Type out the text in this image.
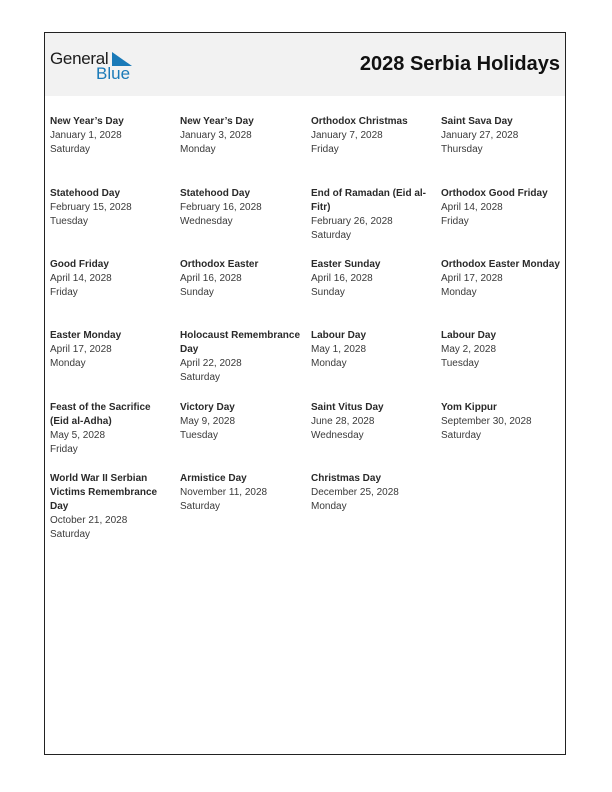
General
Blue	2028 Serbia Holidays
New Year’s Day
January 1, 2028
Saturday
New Year’s Day
January 3, 2028
Monday
Orthodox Christmas
January 7, 2028
Friday
Saint Sava Day
January 27, 2028
Thursday
Statehood Day
February 15, 2028
Tuesday
Statehood Day
February 16, 2028
Wednesday
End of Ramadan (Eid al-Fitr)
February 26, 2028
Saturday
Orthodox Good Friday
April 14, 2028
Friday
Good Friday
April 14, 2028
Friday
Orthodox Easter
April 16, 2028
Sunday
Easter Sunday
April 16, 2028
Sunday
Orthodox Easter Monday
April 17, 2028
Monday
Easter Monday
April 17, 2028
Monday
Holocaust Remembrance Day
April 22, 2028
Saturday
Labour Day
May 1, 2028
Monday
Labour Day
May 2, 2028
Tuesday
Feast of the Sacrifice (Eid al-Adha)
May 5, 2028
Friday
Victory Day
May 9, 2028
Tuesday
Saint Vitus Day
June 28, 2028
Wednesday
Yom Kippur
September 30, 2028
Saturday
World War II Serbian Victims Remembrance Day
October 21, 2028
Saturday
Armistice Day
November 11, 2028
Saturday
Christmas Day
December 25, 2028
Monday
